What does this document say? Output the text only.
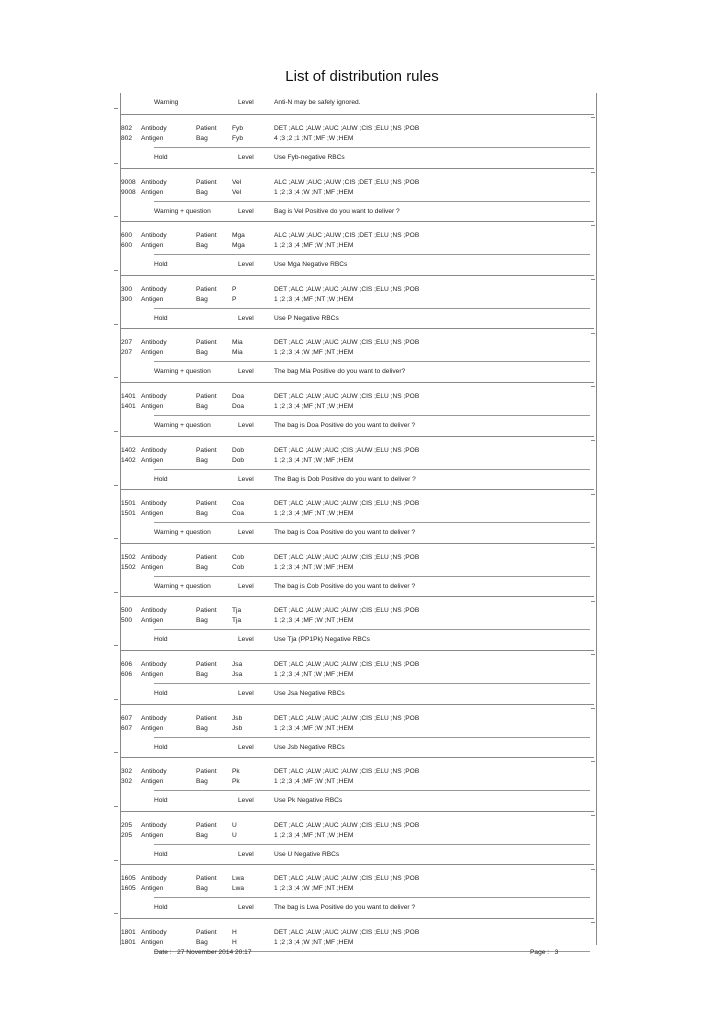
List of distribution rules
Warning	Level	Anti-N may be safely ignored.
802 Antibody	Patient Fyb	DET ;ALC ;ALW ;AUC ;AUW ;CIS ;ELU ;NS ;POB
802 Antigen	Bag	Fyb	4 ;3 ;2 ;1 ;NT ;MF ;W ;HEM
Hold	Level	Use Fyb-negative RBCs
9008 Antibody	Patient Vel	ALC ;ALW ;AUC ;AUW ;CIS ;DET ;ELU ;NS ;POB
9008 Antigen	Bag	Vel	1 ;2 ;3 ;4 ;W ;NT ;MF ;HEM
Warning + question	Level	Bag is Vel Positive do you want to deliver ?
600 Antibody	Patient Mga	ALC ;ALW ;AUC ;AUW ;CIS ;DET ;ELU ;NS ;POB
600 Antigen	Bag	Mga	1 ;2 ;3 ;4 ;MF ;W ;NT ;HEM
Hold	Level	Use Mga Negative RBCs
300 Antibody	Patient P	DET ;ALC ;ALW ;AUC ;AUW ;CIS ;ELU ;NS ;POB
300 Antigen	Bag	P	1 ;2 ;3 ;4 ;MF ;NT ;W ;HEM
Hold	Level	Use P Negative RBCs
207 Antibody	Patient Mia	DET ;ALC ;ALW ;AUC ;AUW ;CIS ;ELU ;NS ;POB
207 Antigen	Bag	Mia	1 ;2 ;3 ;4 ;W ;MF ;NT ;HEM
Warning + question	Level	The bag Mia Positive do you want to deliver?
1401 Antibody	Patient Doa	DET ;ALC ;ALW ;AUC ;AUW ;CIS ;ELU ;NS ;POB
1401 Antigen	Bag	Doa	1 ;2 ;3 ;4 ;MF ;NT ;W ;HEM
Warning + question	Level	The bag is Doa Positive do you want to deliver ?
1402 Antibody	Patient Dob	DET ;ALC ;ALW ;AUC ;CIS ;AUW ;ELU ;NS ;POB
1402 Antigen	Bag	Dob	1 ;2 ;3 ;4 ;NT ;W ;MF ;HEM
Hold	Level	The Bag is Dob Positive do you want to deliver ?
1501 Antibody	Patient Coa	DET ;ALC ;ALW ;AUC ;AUW ;CIS ;ELU ;NS ;POB
1501 Antigen	Bag	Coa	1 ;2 ;3 ;4 ;MF ;NT ;W ;HEM
Warning + question	Level	The bag is Coa Positive do you want to deliver ?
1502 Antibody	Patient Cob	DET ;ALC ;ALW ;AUC ;AUW ;CIS ;ELU ;NS ;POB
1502 Antigen	Bag	Cob	1 ;2 ;3 ;4 ;NT ;W ;MF ;HEM
Warning + question	Level	The bag is Cob Positive do you want to deliver ?
500 Antibody	Patient Tja	DET ;ALC ;ALW ;AUC ;AUW ;CIS ;ELU ;NS ;POB
500 Antigen	Bag	Tja	1 ;2 ;3 ;4 ;MF ;W ;NT ;HEM
Hold	Level	Use Tja (PP1Pk) Negative RBCs
606 Antibody	Patient Jsa	DET ;ALC ;ALW ;AUC ;AUW ;CIS ;ELU ;NS ;POB
606 Antigen	Bag	Jsa	1 ;2 ;3 ;4 ;NT ;W ;MF ;HEM
Hold	Level	Use Jsa Negative RBCs
607 Antibody	Patient Jsb	DET ;ALC ;ALW ;AUC ;AUW ;CIS ;ELU ;NS ;POB
607 Antigen	Bag	Jsb	1 ;2 ;3 ;4 ;MF ;W ;NT ;HEM
Hold	Level	Use Jsb Negative RBCs
302 Antibody	Patient Pk	DET ;ALC ;ALW ;AUC ;AUW ;CIS ;ELU ;NS ;POB
302 Antigen	Bag	Pk	1 ;2 ;3 ;4 ;MF ;W ;NT ;HEM
Hold	Level	Use Pk Negative RBCs
205 Antibody	Patient U	DET ;ALC ;ALW ;AUC ;AUW ;CIS ;ELU ;NS ;POB
205 Antigen	Bag	U	1 ;2 ;3 ;4 ;MF ;NT ;W ;HEM
Hold	Level	Use U Negative RBCs
1605 Antibody	Patient Lwa	DET ;ALC ;ALW ;AUC ;AUW ;CIS ;ELU ;NS ;POB
1605 Antigen	Bag	Lwa	1 ;2 ;3 ;4 ;W ;MF ;NT ;HEM
Hold	Level	The bag is Lwa Positive do you want to deliver ?
1801 Antibody	Patient H	DET ;ALC ;ALW ;AUC ;AUW ;CIS ;ELU ;NS ;POB
1801 Antigen	Bag	H	1 ;2 ;3 ;4 ;W ;NT ;MF ;HEM
Date : 27 November 2014 20:17	Page : 3
